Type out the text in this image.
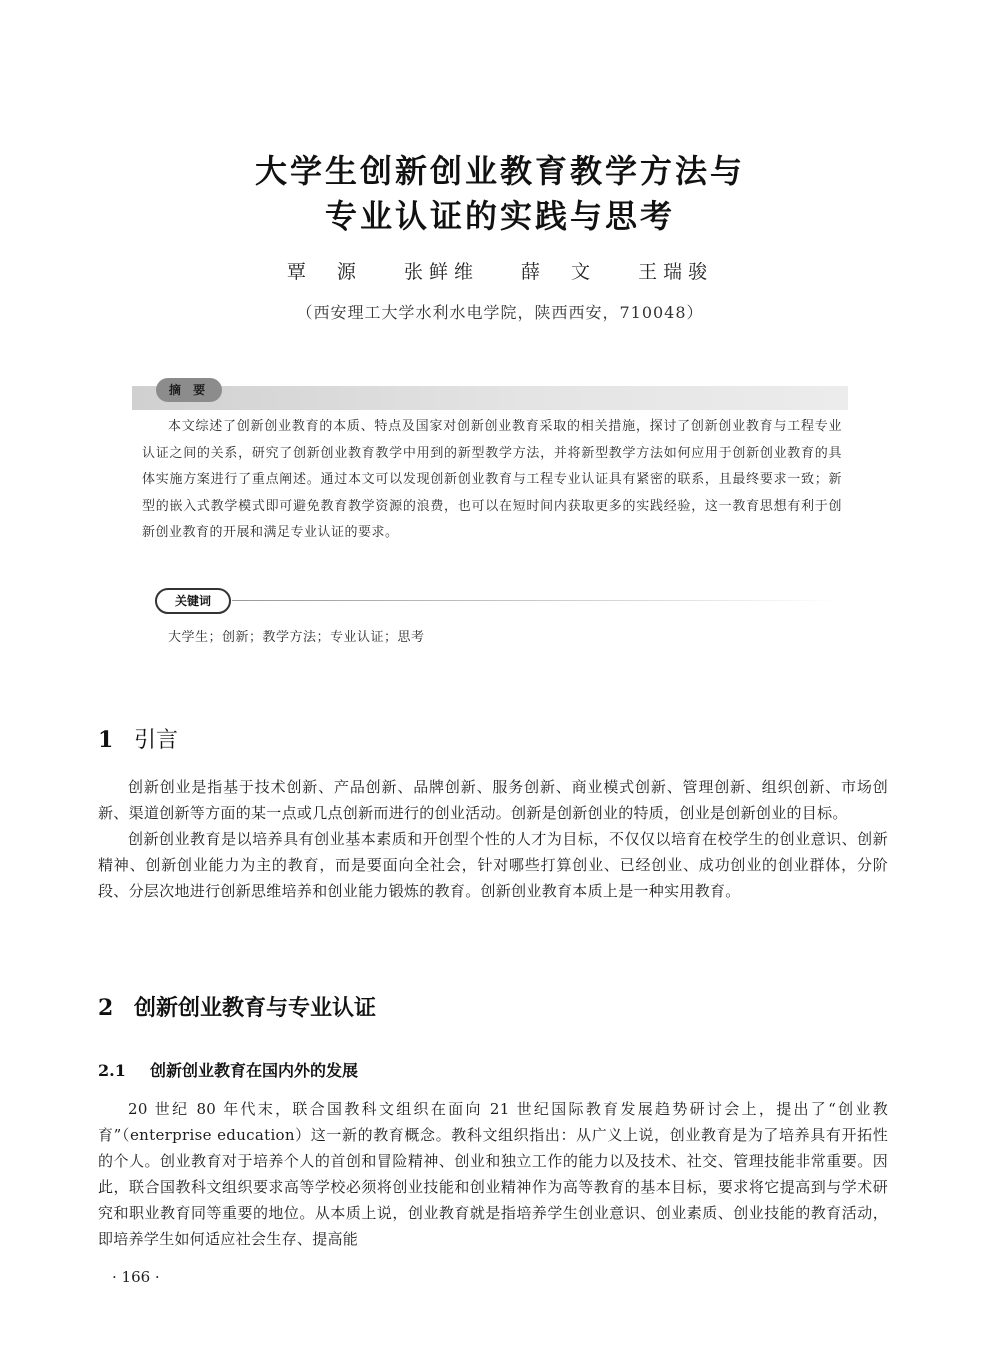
大学生创新创业教育教学方法与
专业认证的实践与思考
覃　源 张鲜维 薛　文 王瑞骏
（西安理工大学水利水电学院，陕西西安，710048）
摘 要

本文综述了创新创业教育的本质、特点及国家对创新创业教育采取的相关措施，探讨了创新创业教育与工程专业认证之间的关系，研究了创新创业教育教学中用到的新型教学方法，并将新型教学方法如何应用于创新创业教育的具体实施方案进行了重点阐述。通过本文可以发现创新创业教育与工程专业认证具有紧密的联系，且最终要求一致；新型的嵌入式教学模式即可避免教育教学资源的浪费，也可以在短时间内获取更多的实践经验，这一教育思想有利于创新创业教育的开展和满足专业认证的要求。

关键词
大学生；创新；教学方法；专业认证；思考
1 引言

创新创业是指基于技术创新、产品创新、品牌创新、服务创新、商业模式创新、管理创新、组织创新、市场创新、渠道创新等方面的某一点或几点创新而进行的创业活动。创新是创新创业的特质，创业是创新创业的目标。

创新创业教育是以培养具有创业基本素质和开创型个性的人才为目标，不仅仅以培育在校学生的创业意识、创新精神、创新创业能力为主的教育，而是要面向全社会，针对哪些打算创业、已经创业、成功创业的创业群体，分阶段、分层次地进行创新思维培养和创业能力锻炼的教育。创新创业教育本质上是一种实用教育。

2 创新创业教育与专业认证
2.1 创新创业教育在国内外的发展

20 世纪 80 年代末，联合国教科文组织在面向 21 世纪国际教育发展趋势研讨会上，提出了“创业教育”（enterprise education）这一新的教育概念。教科文组织指出：从广义上说，创业教育是为了培养具有开拓性的个人。创业教育对于培养个人的首创和冒险精神、创业和独立工作的能力以及技术、社交、管理技能非常重要。因此，联合国教科文组织要求高等学校必须将创业技能和创业精神作为高等教育的基本目标，要求将它提高到与学术研究和职业教育同等重要的地位。从本质上说，创业教育就是指培养学生创业意识、创业素质、创业技能的教育活动，即培养学生如何适应社会生存、提高能

· 166 ·
